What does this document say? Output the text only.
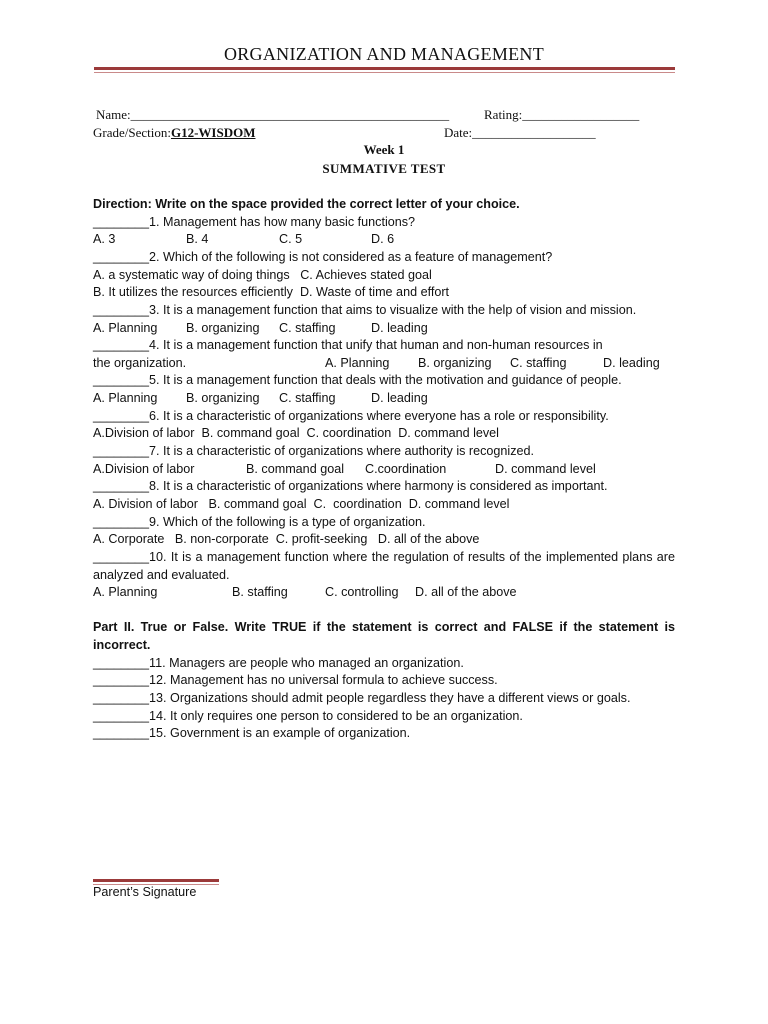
ORGANIZATION AND MANAGEMENT
Name:_________________________________________________	Rating:__________________
Grade/Section:G12-WISDOM	Date:___________________
Week 1
SUMMATIVE TEST
Direction: Write on the space provided the correct letter of your choice.
________1. Management has how many basic functions?
A. 3	B. 4	C. 5	D. 6
________2. Which of the following is not considered as a feature of management?
A. a systematic way of doing things   C. Achieves stated goal
B. It utilizes the resources efficiently  D. Waste of time and effort
________3. It is a management function that aims to visualize with the help of vision and mission.
A. Planning B. organizing C. staffing	D. leading
________4. It is a management function that unify that human and non-human resources in
the organization.	A. Planning B. organizing C. staffing	D. leading
________5. It is a management function that deals with the motivation and guidance of people.
A. Planning B. organizing C. staffing	D. leading
________6. It is a characteristic of organizations where everyone has a role or responsibility.
A.Division of labor  B. command goal  C. coordination  D. command level
________7. It is a characteristic of organizations where authority is recognized.
A.Division of labor	B. command goal C.coordination	D. command level
________8. It is a characteristic of organizations where harmony is considered as important.
A. Division of labor   B. command goal  C.  coordination  D. command level
________9. Which of the following is a type of organization.
A. Corporate   B. non-corporate  C. profit-seeking   D. all of the above
________10. It is a management function where the regulation of results of the implemented plans are analyzed and evaluated.
A. Planning	B. staffing	C. controlling D. all of the above
Part II. True or False. Write TRUE if the statement is correct and FALSE if the statement is incorrect.
________11. Managers are people who managed an organization.
________12. Management has no universal formula to achieve success.
________13. Organizations should admit people regardless they have a different views or goals.
________14. It only requires one person to considered to be an organization.
________15. Government is an example of organization.
Parent’s Signature
